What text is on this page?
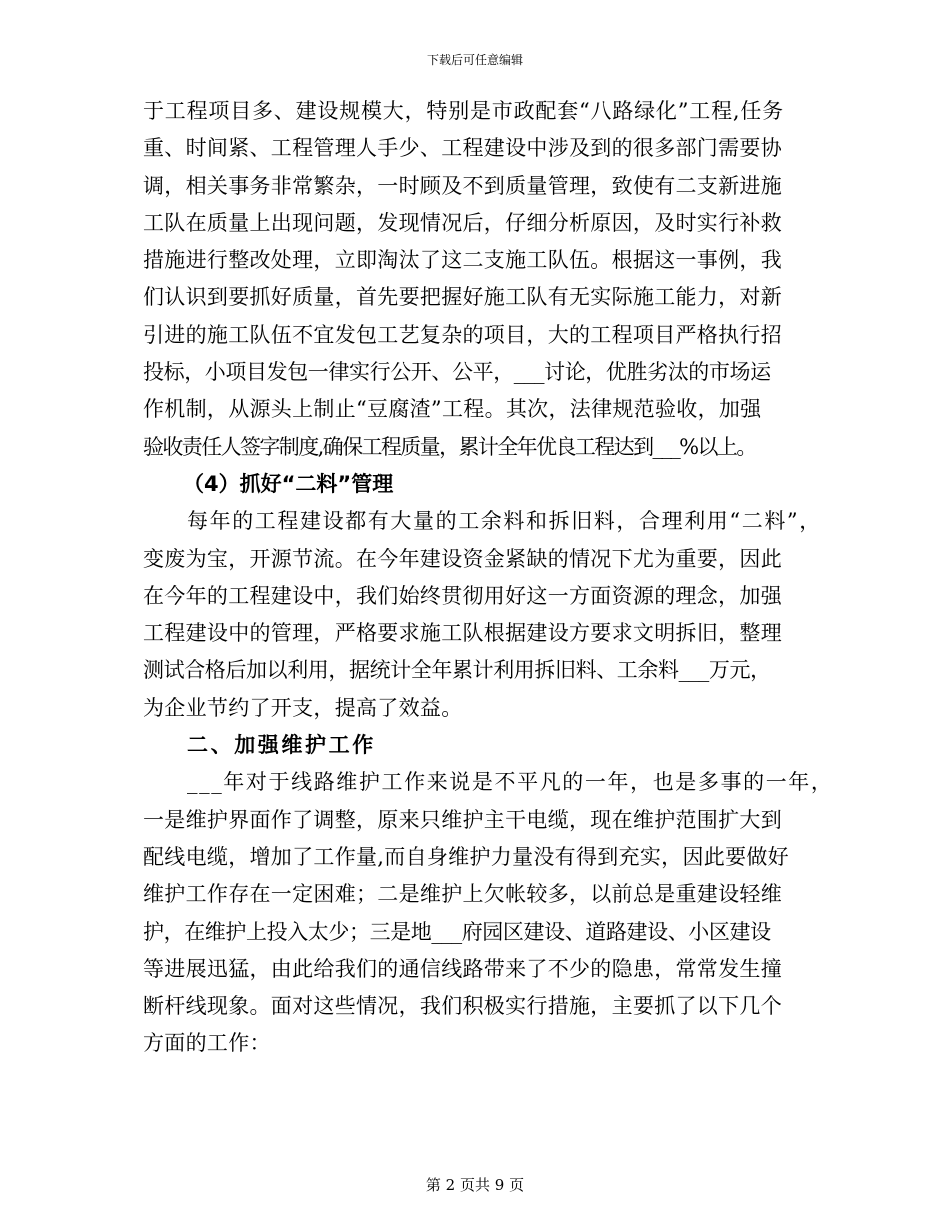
下载后可任意编辑
于工程项目多、建设规模大，特别是市政配套“八路绿化”工程,任务
重、时间紧、工程管理人手少、工程建设中涉及到的很多部门需要协
调，相关事务非常繁杂，一时顾及不到质量管理，致使有二支新进施
工队在质量上出现问题，发现情况后，仔细分析原因，及时实行补救
措施进行整改处理，立即淘汰了这二支施工队伍。根据这一事例，我
们认识到要抓好质量，首先要把握好施工队有无实际施工能力，对新
引进的施工队伍不宜发包工艺复杂的项目，大的工程项目严格执行招
投标，小项目发包一律实行公开、公平，___讨论，优胜劣汰的市场运
作机制，从源头上制止“豆腐渣”工程。其次，法律规范验收，加强
验收责任人签字制度,确保工程质量，累计全年优良工程达到___%以上。
（4）抓好“二料”管理
每年的工程建设都有大量的工余料和拆旧料，合理利用“二料”，
变废为宝，开源节流。在今年建设资金紧缺的情况下尤为重要，因此
在今年的工程建设中，我们始终贯彻用好这一方面资源的理念，加强
工程建设中的管理，严格要求施工队根据建设方要求文明拆旧，整理
测试合格后加以利用，据统计全年累计利用拆旧料、工余料___万元，
为企业节约了开支，提高了效益。
二、加强维护工作
___年对于线路维护工作来说是不平凡的一年，也是多事的一年，
一是维护界面作了调整，原来只维护主干电缆，现在维护范围扩大到
配线电缆，增加了工作量,而自身维护力量没有得到充实，因此要做好
维护工作存在一定困难；二是维护上欠帐较多，以前总是重建设轻维
护，在维护上投入太少；三是地___府园区建设、道路建设、小区建设
等进展迅猛，由此给我们的通信线路带来了不少的隐患，常常发生撞
断杆线现象。面对这些情况，我们积极实行措施，主要抓了以下几个
方面的工作：
第 2 页共 9 页
